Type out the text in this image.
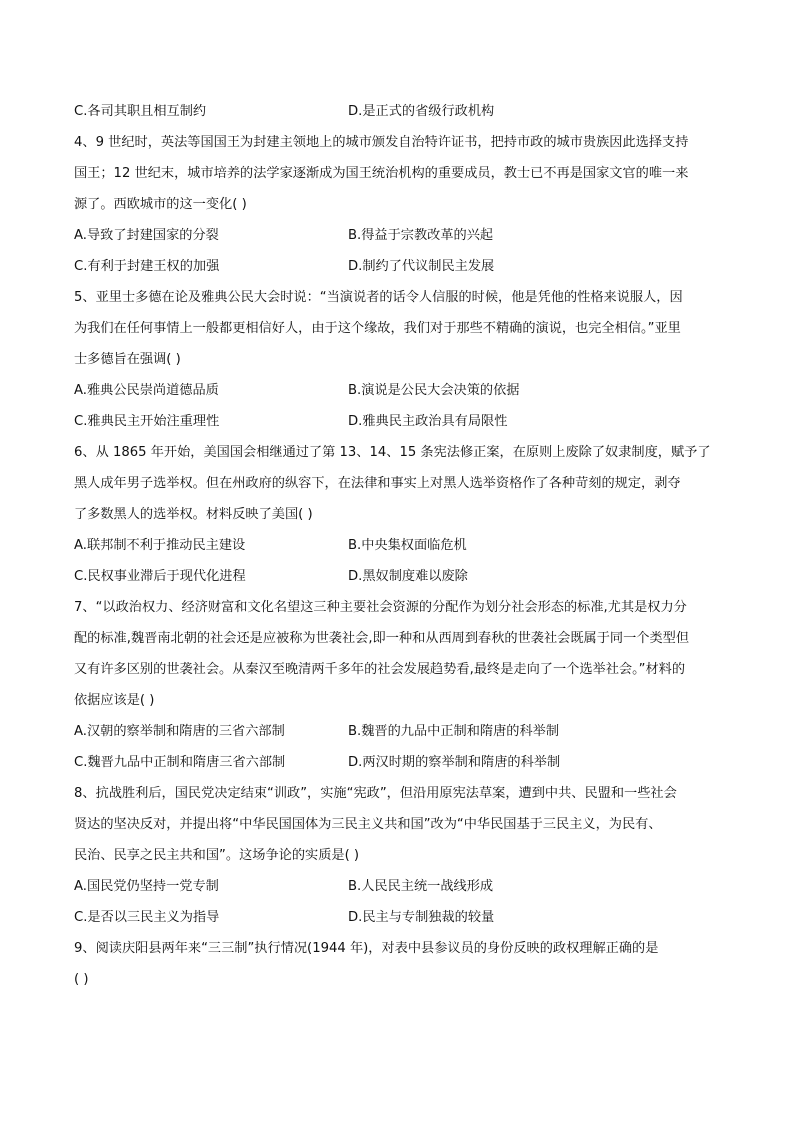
C.各司其职且相互制约	D.是正式的省级行政机构
4、9 世纪时，英法等国国王为封建主领地上的城市颁发自治特许证书，把持市政的城市贵族因此选择支持
国王；12 世纪末，城市培养的法学家逐渐成为国王统治机构的重要成员，教士已不再是国家文官的唯一来
源了。西欧城市的这一变化( )
A.导致了封建国家的分裂	B.得益于宗教改革的兴起
C.有利于封建王权的加强	D.制约了代议制民主发展
5、亚里士多德在论及雅典公民大会时说：“当演说者的话令人信服的时候，他是凭他的性格来说服人，因
为我们在任何事情上一般都更相信好人，由于这个缘故，我们对于那些不精确的演说，也完全相信。”亚里
士多德旨在强调( )
A.雅典公民崇尚道德品质	B.演说是公民大会决策的依据
C.雅典民主开始注重理性	D.雅典民主政治具有局限性
6、从 1865 年开始，美国国会相继通过了第 13、14、15 条宪法修正案，在原则上废除了奴隶制度，赋予了
黑人成年男子选举权。但在州政府的纵容下，在法律和事实上对黑人选举资格作了各种苛刻的规定，剥夺
了多数黑人的选举权。材料反映了美国( )
A.联邦制不利于推动民主建设	B.中央集权面临危机
C.民权事业滞后于现代化进程	D.黑奴制度难以废除
7、“以政治权力、经济财富和文化名望这三种主要社会资源的分配作为划分社会形态的标准,尤其是权力分
配的标准,魏晋南北朝的社会还是应被称为世袭社会,即一种和从西周到春秋的世袭社会既属于同一个类型但
又有许多区别的世袭社会。从秦汉至晚清两千多年的社会发展趋势看,最终是走向了一个选举社会。”材料的
依据应该是( )
A.汉朝的察举制和隋唐的三省六部制	B.魏晋的九品中正制和隋唐的科举制
C.魏晋九品中正制和隋唐三省六部制	D.两汉时期的察举制和隋唐的科举制
8、抗战胜利后，国民党决定结束“训政”，实施“宪政”，但沿用原宪法草案，遭到中共、民盟和一些社会
贤达的坚决反对，并提出将“中华民国国体为三民主义共和国”改为“中华民国基于三民主义，为民有、
民治、民享之民主共和国”。这场争论的实质是( )
A.国民党仍坚持一党专制	B.人民民主统一战线形成
C.是否以三民主义为指导	D.民主与专制独裁的较量
9、阅读庆阳县两年来“三三制”执行情况(1944 年)，对表中县参议员的身份反映的政权理解正确的是
( )
